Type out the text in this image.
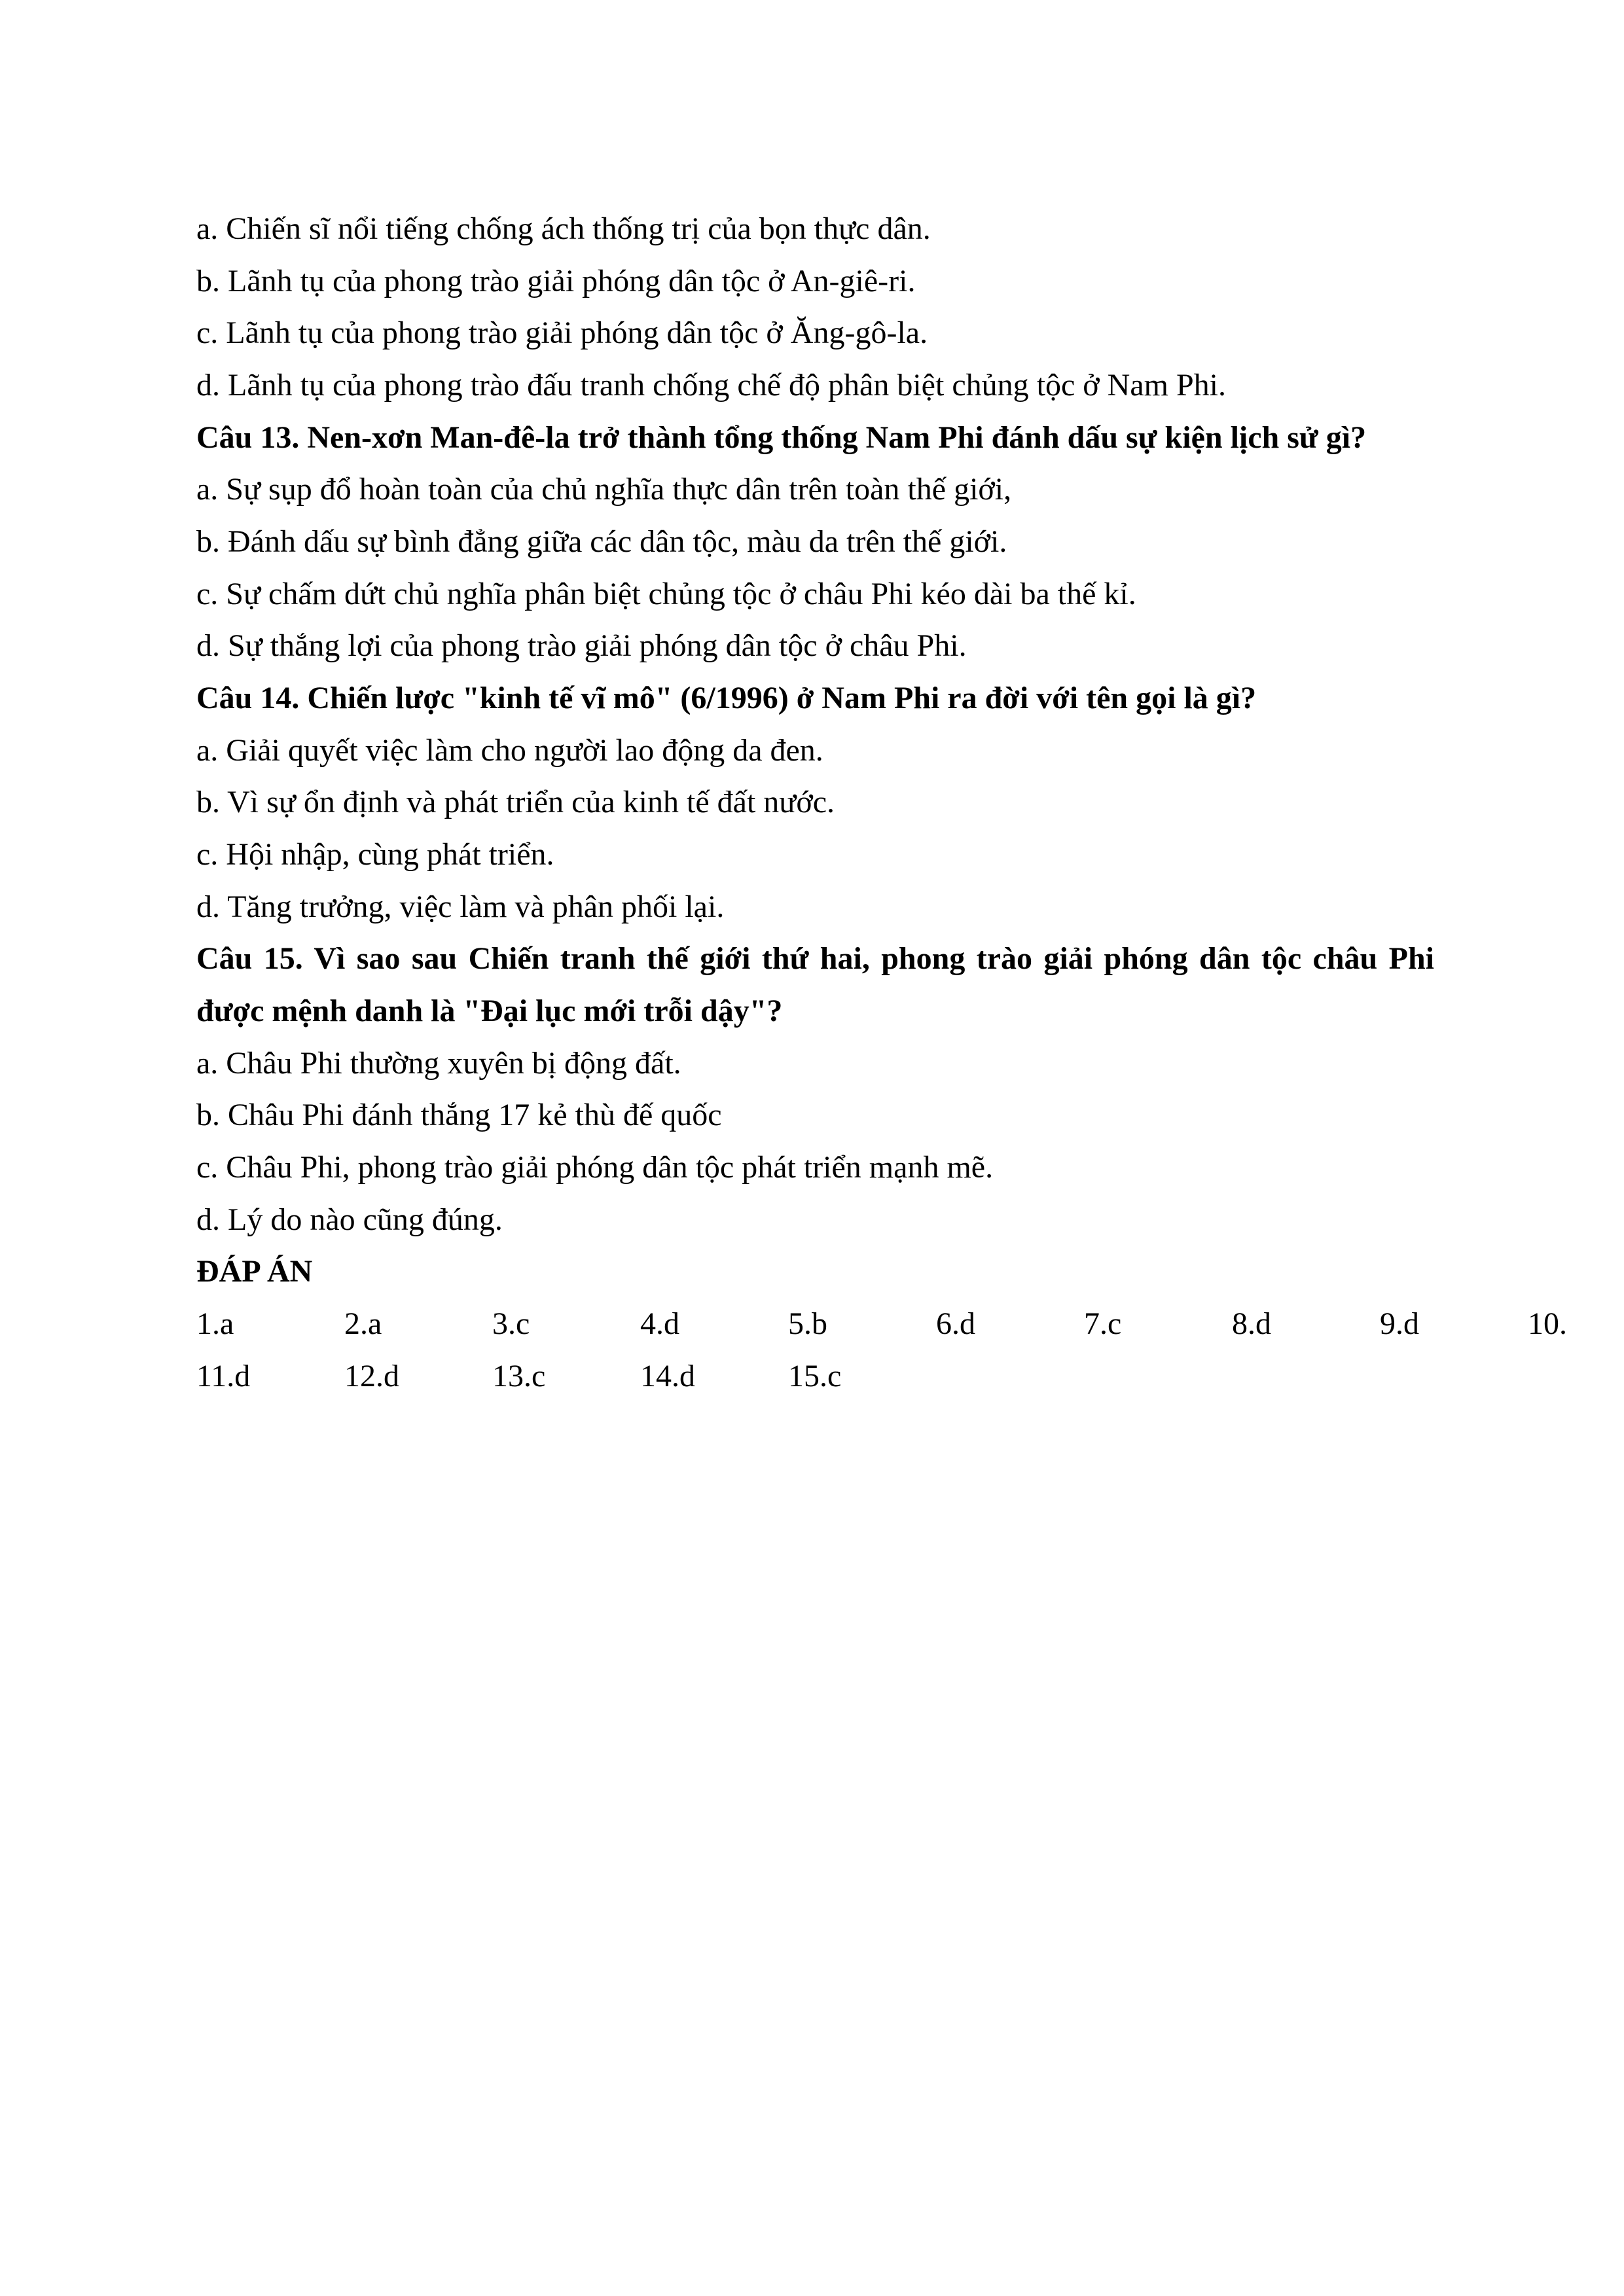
a. Chiến sĩ nổi tiếng chống ách thống trị của bọn thực dân.

b. Lãnh tụ của phong trào giải phóng dân tộc ở An-giê-ri.

c. Lãnh tụ của phong trào giải phóng dân tộc ở Ăng-gô-la.

d. Lãnh tụ của phong trào đấu tranh chống chế độ phân biệt chủng tộc ở Nam Phi.

Câu 13. Nen-xơn Man-đê-la trở thành tổng thống Nam Phi đánh dấu sự kiện lịch sử gì?

a. Sự sụp đổ hoàn toàn của chủ nghĩa thực dân trên toàn thế giới,

b. Đánh dấu sự bình đẳng giữa các dân tộc, màu da trên thế giới.

c. Sự chấm dứt chủ nghĩa phân biệt chủng tộc ở châu Phi kéo dài ba thế kỉ.

d. Sự thắng lợi của phong trào giải phóng dân tộc ở châu Phi.

Câu 14. Chiến lược "kinh tế vĩ mô" (6/1996) ở Nam Phi ra đời với tên gọi là gì?

a. Giải quyết việc làm cho người lao động da đen.

b. Vì sự ổn định và phát triển của kinh tế đất nước.

c. Hội nhập, cùng phát triển.

d. Tăng trưởng, việc làm và phân phối lại.

Câu 15. Vì sao sau Chiến tranh thế giới thứ hai, phong trào giải phóng dân tộc châu Phi được mệnh danh là "Đại lục mới trỗi dậy"?

a. Châu Phi thường xuyên bị động đất.

b. Châu Phi đánh thắng 17 kẻ thù đế quốc

c. Châu Phi, phong trào giải phóng dân tộc phát triển mạnh mẽ.

d. Lý do nào cũng đúng.

ĐÁP ÁN

1.a	2.a	3.c	4.d	5.b	6.d	7.c	8.d	9.d	10.

11.d	12.d	13.c	14.d	15.c
